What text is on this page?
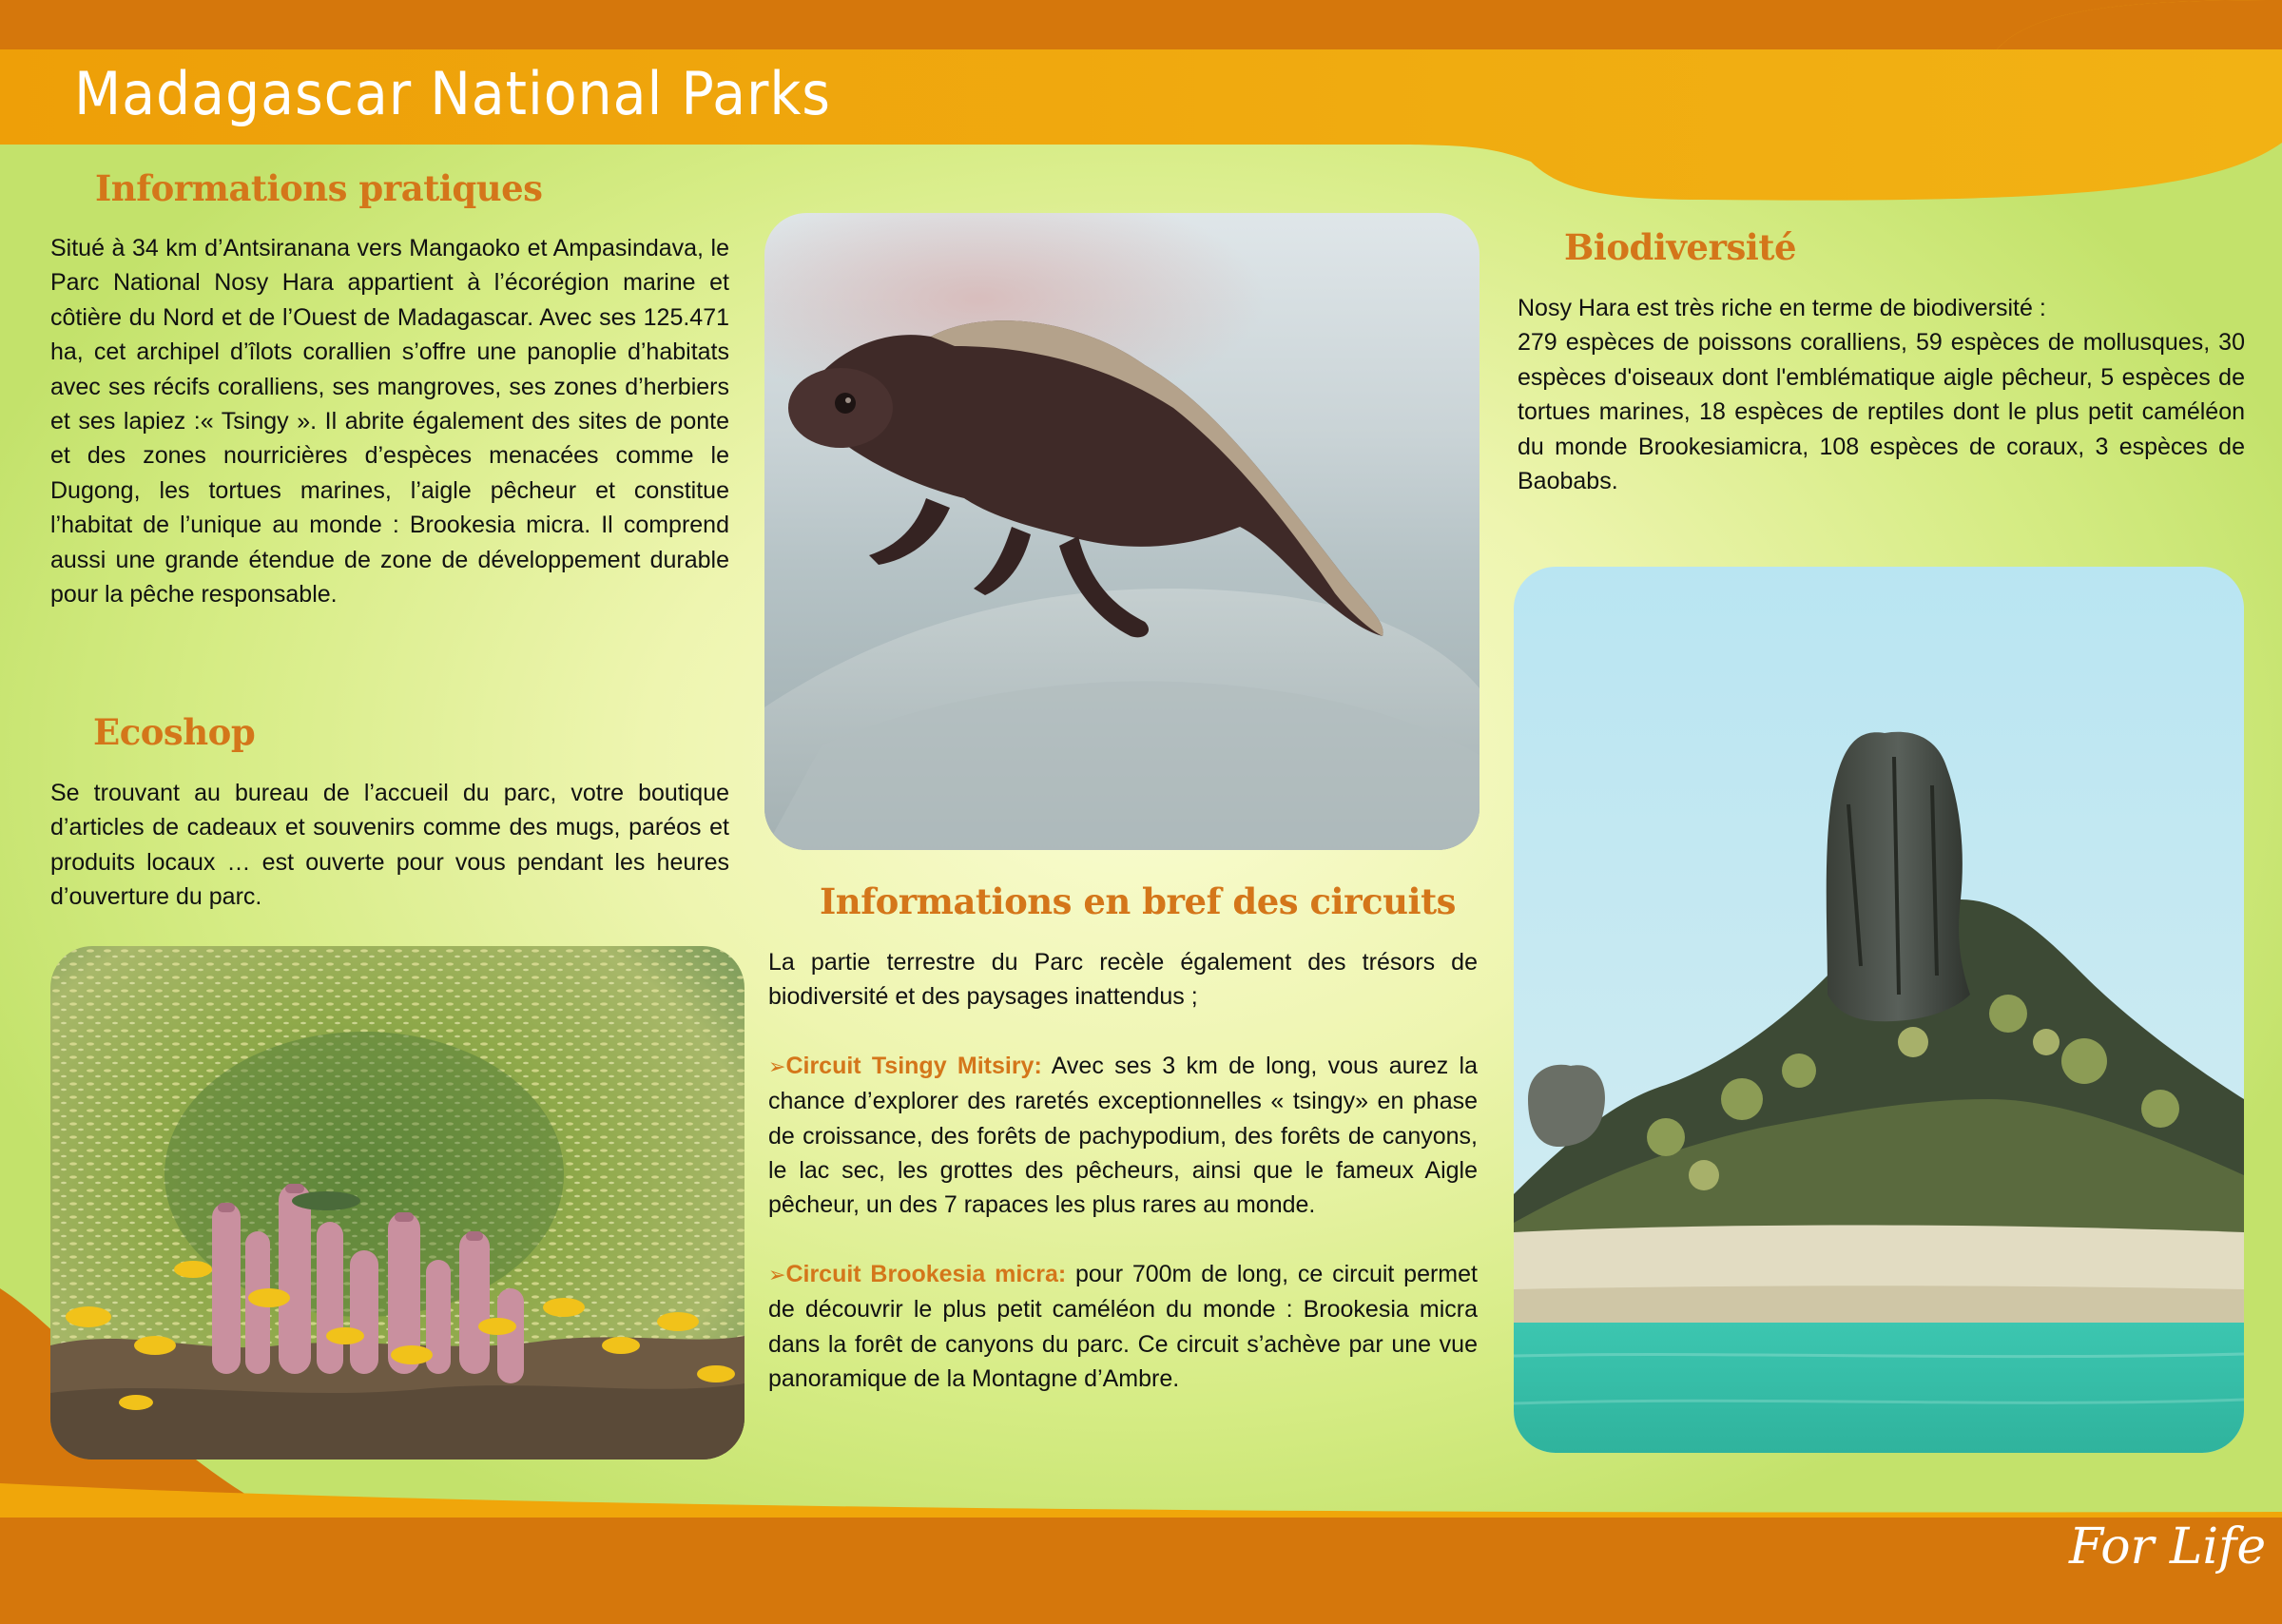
Madagascar National Parks
Informations pratiques
Situé à 34 km d’Antsiranana vers Mangaoko et Ampasindava, le Parc National Nosy Hara appartient à l’écorégion marine et côtière du Nord et de l’Ouest de Madagascar. Avec ses 125.471 ha, cet archipel d’îlots corallien s’offre une panoplie d’habitats avec ses récifs coralliens, ses mangroves, ses zones d’herbiers et ses lapiez :« Tsingy ». Il abrite également des sites de ponte et des zones nourricières d’espèces menacées comme le Dugong, les tortues marines, l’aigle pêcheur et constitue l’habitat de l’unique au monde : Brookesia micra. Il comprend aussi une grande étendue de zone de développement durable pour la pêche responsable.
Ecoshop
Se trouvant au bureau de l’accueil du parc, votre boutique d’articles de cadeaux et souvenirs comme des mugs, paréos et produits locaux … est ouverte pour vous pendant les heures d’ouverture du parc.	Informations en bref des circuits

La partie terrestre du Parc recèle également des trésors de biodiversité et des paysages inattendus ;

➢Circuit Tsingy Mitsiry: Avec ses 3 km de long, vous aurez la chance d’explorer des raretés exceptionnelles « tsingy» en phase de croissance, des forêts de pachypodium, des forêts de canyons, le lac sec, les grottes des pêcheurs, ainsi que le fameux Aigle pêcheur, un des 7 rapaces les plus rares au monde.

➢Circuit Brookesia micra: pour 700m de long, ce circuit permet de découvrir le plus petit caméléon du monde : Brookesia micra dans la forêt de canyons du parc. Ce circuit s’achève par une vue panoramique de la Montagne d’Ambre.

Biodiversité

Nosy Hara est très riche en terme de biodiversité :

279 espèces de poissons coralliens, 59 espèces de mollusques, 30 espèces d'oiseaux dont l'emblématique aigle pêcheur, 5 espèces de tortues marines, 18 espèces de reptiles dont le plus petit caméléon du monde Brookesiamicra, 108 espèces de coraux, 3 espèces de Baobabs.

For Life
